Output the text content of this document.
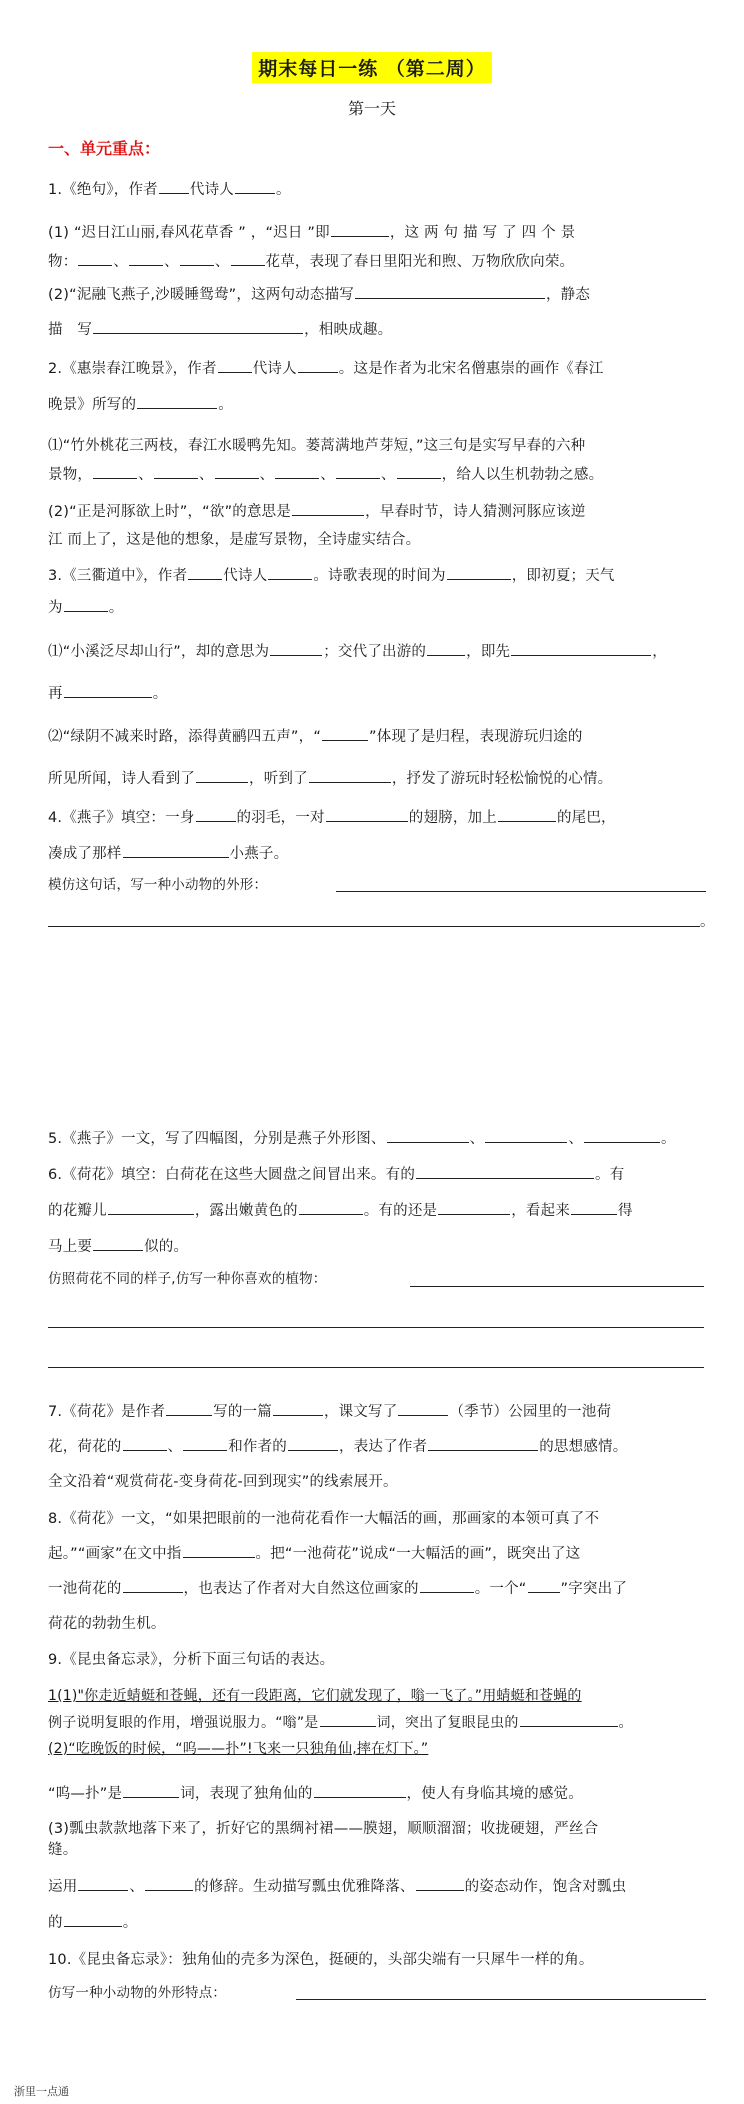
期末每日一练 （第二周）
第一天
一、单元重点：
1.《绝句》，作者 代诗人	。
(1) “迟日江山丽,春风花草香 ” ，“迟日 ”即	，这 两 句 描 写 了 四 个 景
物： 、 、 、 花草，表现了春日里阳光和煦、万物欣欣向荣。
(2)“泥融飞燕子,沙暖睡鸳鸯”，这两句动态描写	，静态
描　写	，相映成趣。
2.《惠崇春江晚景》，作者 代诗人	。这是作者为北宋名僧惠崇的画作《春江
晚景》所写的	。
⑴“竹外桃花三两枝，春江水暖鸭先知。蒌蒿满地芦芽短，”这三句是实写早春的六种
景物，	、	、	、	、	、	，给人以生机勃勃之感。
(2)“正是河豚欲上时”，“欲”的意思是	，早春时节，诗人猜测河豚应该逆
江 而上了，这是他的想象，是虚写景物，全诗虚实结合。
3.《三衢道中》，作者 代诗人	。诗歌表现的时间为	，即初夏；天气
为	。
⑴“小溪泛尽却山行”，却的意思为	；交代了出游的	，即先	，
再	。
⑵“绿阴不减来时路，添得黄鹂四五声”，“	”体现了是归程，表现游玩归途的
所见所闻，诗人看到了	，听到了	，抒发了游玩时轻松愉悦的心情。
4.《燕子》填空：一身	的羽毛，一对	的翅膀，加上	的尾巴，
凑成了那样	小燕子。
模仿这句话，写一种小动物的外形：
。
5.《燕子》一文，写了四幅图，分别是燕子外形图、	、	、	。
6.《荷花》填空：白荷花在这些大圆盘之间冒出来。有的	。有
的花瓣儿	，露出嫩黄色的	。有的还是	，看起来	得
马上要	似的。
仿照荷花不同的样子,仿写一种你喜欢的植物：
7.《荷花》是作者	写的一篇	，课文写了	（季节）公园里的一池荷
花，荷花的	、	和作者的	，表达了作者	的思想感情。
全文沿着“观赏荷花-变身荷花-回到现实”的线索展开。
8.《荷花》一文，“如果把眼前的一池荷花看作一大幅活的画，那画家的本领可真了不
起。”“画家”在文中指	。把“一池荷花”说成“一大幅活的画”，既突出了这
一池荷花的	，也表达了作者对大自然这位画家的	。一个“ ”字突出了
荷花的勃勃生机。
9.《昆虫备忘录》，分析下面三句话的表达。
1(1)"你走近蜻蜓和苍蝇，还有一段距离，它们就发现了，嗡一飞了。”用蜻蜓和苍蝇的
例子说明复眼的作用，增强说服力。“嗡”是	词，突出了复眼昆虫的	。
(2)“吃晚饭的时候，“呜——扑”!飞来一只独角仙,摔在灯下。”
“呜—扑”是	词，表现了独角仙的	，使人有身临其境的感觉。
(3)瓢虫款款地落下来了，折好它的黑绸衬裙——膜翅，顺顺溜溜；收拢硬翅，严丝合
缝。
运用	、	的修辞。生动描写瓢虫优雅降落、	的姿态动作，饱含对瓢虫
的	。
10.《昆虫备忘录》：独角仙的壳多为深色，挺硬的，头部尖端有一只犀牛一样的角。
仿写一种小动物的外形特点：
浙里一点通
